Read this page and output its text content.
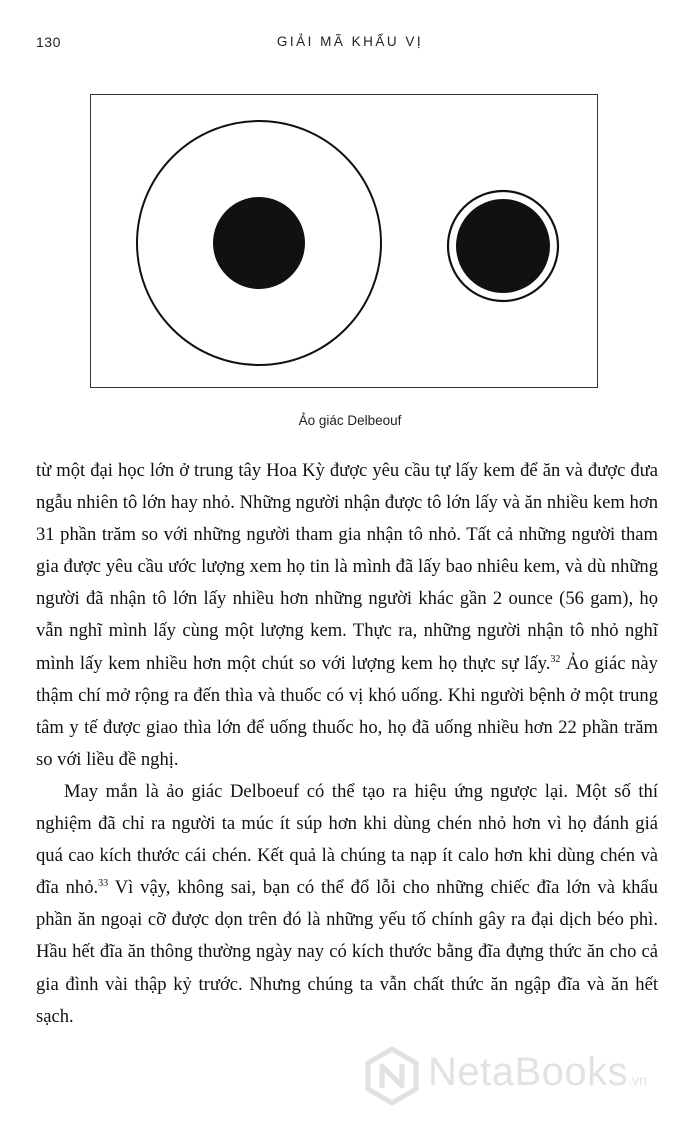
130	GIẢI MÃ KHẨU VỊ
Ảo giác Delbeouf

từ một đại học lớn ở trung tây Hoa Kỳ được yêu cầu tự lấy kem để ăn và được đưa ngẫu nhiên tô lớn hay nhỏ. Những người nhận được tô lớn lấy và ăn nhiều kem hơn 31 phần trăm so với những người tham gia nhận tô nhỏ. Tất cả những người tham gia được yêu cầu ước lượng xem họ tin là mình đã lấy bao nhiêu kem, và dù những người đã nhận tô lớn lấy nhiều hơn những người khác gần 2 ounce (56 gam), họ vẫn nghĩ mình lấy cùng một lượng kem. Thực ra, những người nhận tô nhỏ nghĩ mình lấy kem nhiều hơn một chút so với lượng kem họ thực sự lấy.$^{32}$ Ảo giác này thậm chí mở rộng ra đến thìa và thuốc có vị khó uống. Khi người bệnh ở một trung tâm y tế được giao thìa lớn để uống thuốc ho, họ đã uống nhiều hơn 22 phần trăm so với liều đề nghị.

May mắn là ảo giác Delboeuf có thể tạo ra hiệu ứng ngược lại. Một số thí nghiệm đã chỉ ra người ta múc ít súp hơn khi dùng chén nhỏ hơn vì họ đánh giá quá cao kích thước cái chén. Kết quả là chúng ta nạp ít calo hơn khi dùng chén và đĩa nhỏ.$^{33}$ Vì vậy, không sai, bạn có thể đổ lỗi cho những chiếc đĩa lớn và khẩu phần ăn ngoại cỡ được dọn trên đó là những yếu tố chính gây ra đại dịch béo phì. Hầu hết đĩa ăn thông thường ngày nay có kích thước bằng đĩa đựng thức ăn cho cả gia đình vài thập kỷ trước. Nhưng chúng ta vẫn chất thức ăn ngập đĩa và ăn hết sạch.

NetaBooks.vn
